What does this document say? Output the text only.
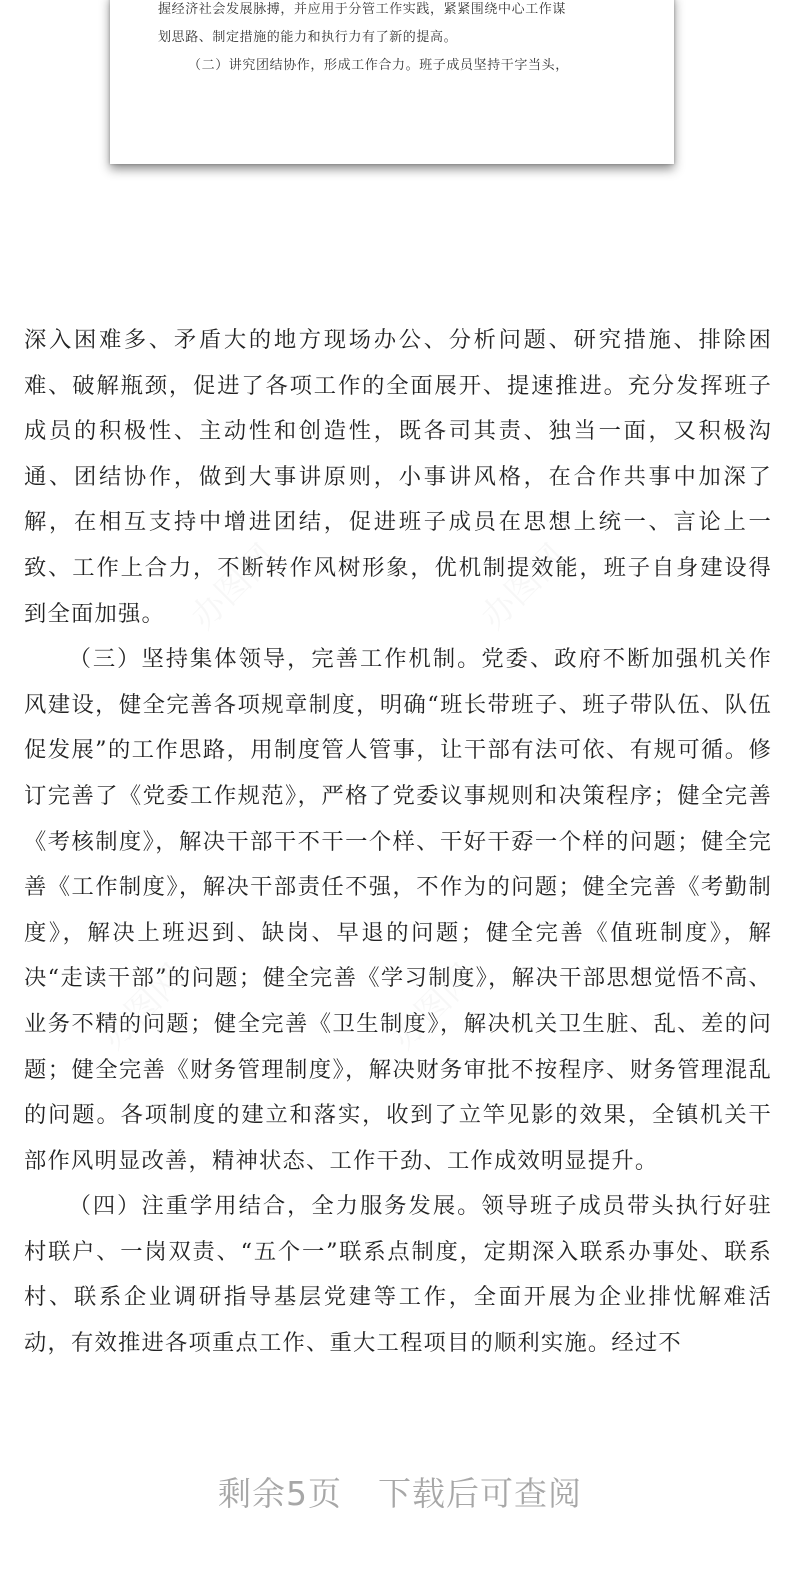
握经济社会发展脉搏，并应用于分管工作实践，紧紧围绕中心工作谋
划思路、制定措施的能力和执行力有了新的提高。
（二）讲究团结协作，形成工作合力。班子成员坚持干字当头，

深入困难多、矛盾大的地方现场办公、分析问题、研究措施、排除困难、破解瓶颈，促进了各项工作的全面展开、提速推进。充分发挥班子成员的积极性、主动性和创造性，既各司其责、独当一面，又积极沟通、团结协作，做到大事讲原则，小事讲风格，在合作共事中加深了解，在相互支持中增进团结，促进班子成员在思想上统一、言论上一致、工作上合力，不断转作风树形象，优机制提效能，班子自身建设得到全面加强。

（三）坚持集体领导，完善工作机制。党委、政府不断加强机关作风建设，健全完善各项规章制度，明确“班长带班子、班子带队伍、队伍促发展”的工作思路，用制度管人管事，让干部有法可依、有规可循。修订完善了《党委工作规范》，严格了党委议事规则和决策程序；健全完善《考核制度》，解决干部干不干一个样、干好干孬一个样的问题；健全完善《工作制度》，解决干部责任不强，不作为的问题；健全完善《考勤制度》，解决上班迟到、缺岗、早退的问题；健全完善《值班制度》，解决“走读干部”的问题；健全完善《学习制度》，解决干部思想觉悟不高、业务不精的问题；健全完善《卫生制度》，解决机关卫生脏、乱、差的问题；健全完善《财务管理制度》，解决财务审批不按程序、财务管理混乱的问题。各项制度的建立和落实，收到了立竿见影的效果，全镇机关干部作风明显改善，精神状态、工作干劲、工作成效明显提升。

（四）注重学用结合，全力服务发展。领导班子成员带头执行好驻村联户、一岗双责、“五个一”联系点制度，定期深入联系办事处、联系村、联系企业调研指导基层党建等工作，全面开展为企业排忧解难活动，有效推进各项重点工作、重大工程项目的顺利实施。经过不

办图网	办图网
办图网	办图网
剩余5页 下载后可查阅
